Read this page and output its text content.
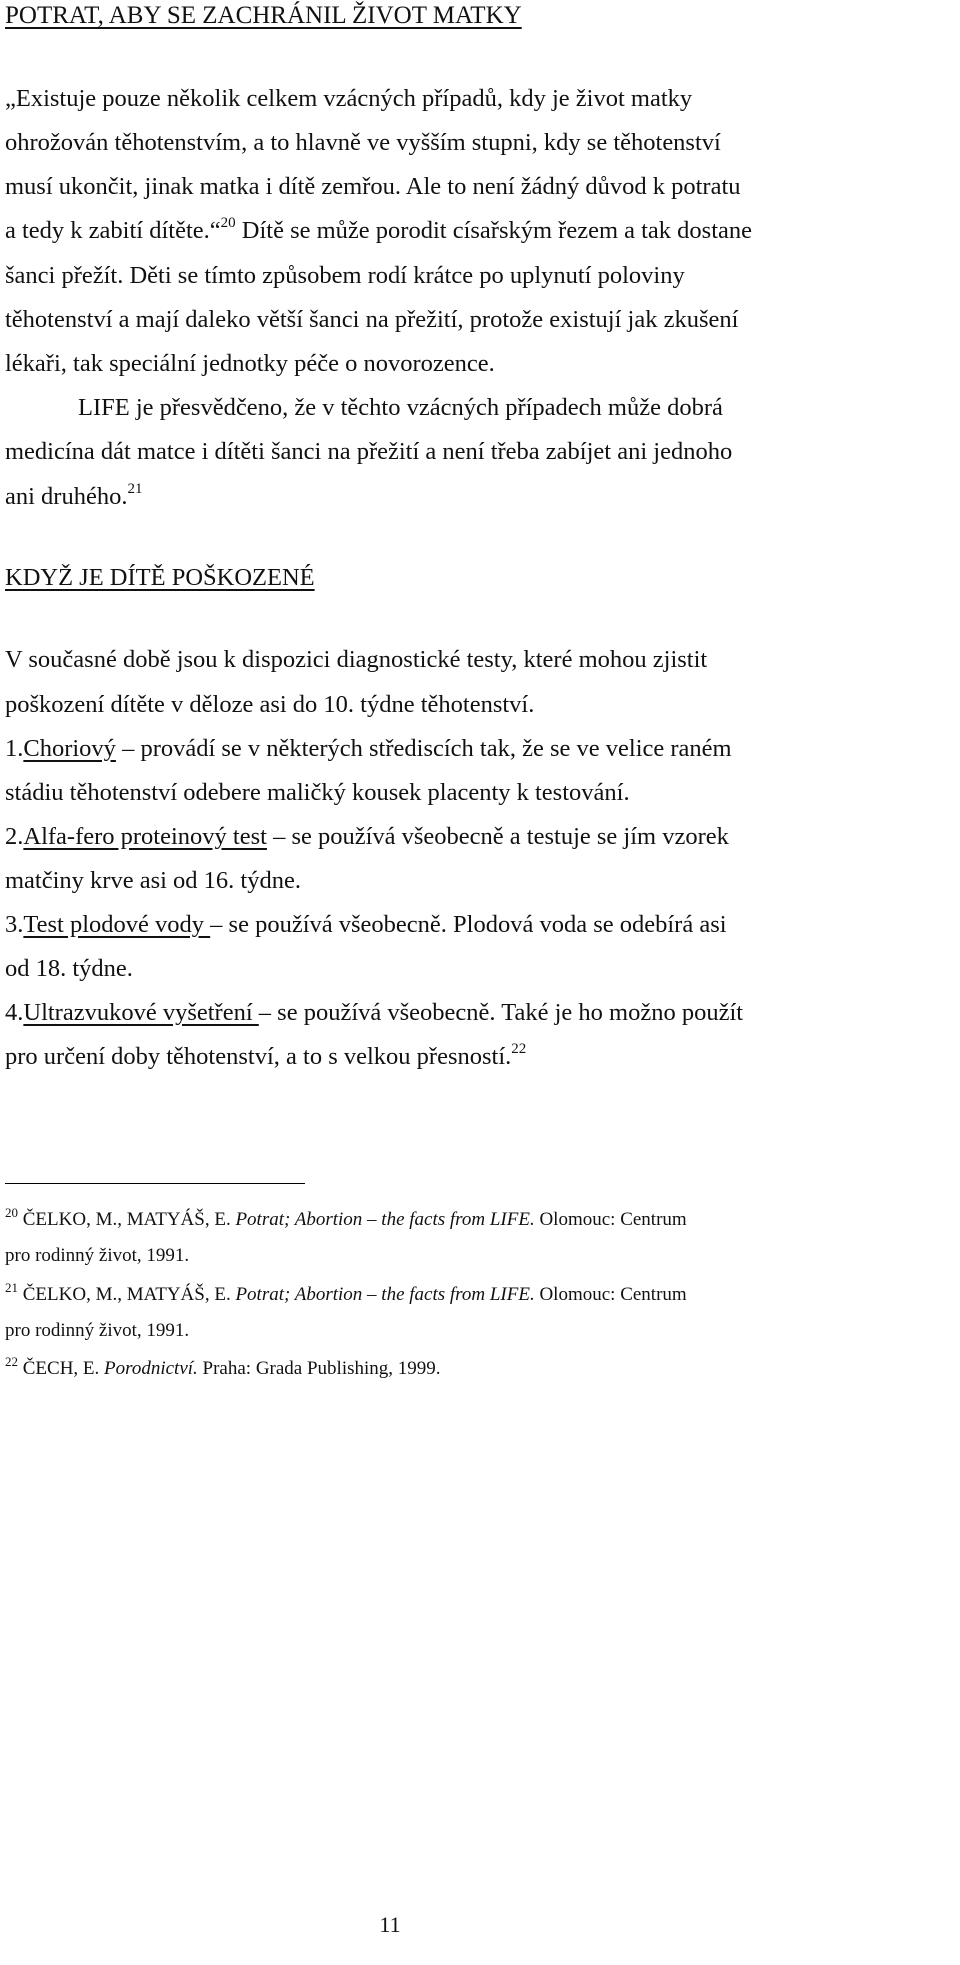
POTRAT, ABY SE ZACHRÁNIL ŽIVOT MATKY

„Existuje pouze několik celkem vzácných případů, kdy je život matky

ohrožován těhotenstvím, a to hlavně ve vyšším stupni, kdy se těhotenství

musí ukončit, jinak matka i dítě zemřou. Ale to není žádný důvod k potratu

a tedy k zabití dítěte.“$^{20}$ Dítě se může porodit císařským řezem a tak dostane

šanci přežít. Děti se tímto způsobem rodí krátce po uplynutí poloviny

těhotenství a mají daleko větší šanci na přežití, protože existují jak zkušení

lékaři, tak speciální jednotky péče o novorozence.

LIFE je přesvědčeno, že v těchto vzácných případech může dobrá

medicína dát matce i dítěti šanci na přežití a není třeba zabíjet ani jednoho

ani druhého.$^{21}$

KDYŽ JE DÍTĚ POŠKOZENÉ

V současné době jsou k dispozici diagnostické testy, které mohou zjistit

poškození dítěte v děloze asi do 10. týdne těhotenství.

1.Choriový – provádí se v některých střediscích tak, že se ve velice raném

stádiu těhotenství odebere maličký kousek placenty k testování.

2.Alfa-fero proteinový test – se používá všeobecně a testuje se jím vzorek

matčiny krve asi od 16. týdne.

3.Test plodové vody – se používá všeobecně. Plodová voda se odebírá asi

od 18. týdne.

4.Ultrazvukové vyšetření – se používá všeobecně. Také je ho možno použít

pro určení doby těhotenství, a to s velkou přesností.$^{22}$

$^{20}$ ČELKO, M., MATYÁŠ, E. Potrat; Abortion – the facts from LIFE. Olomouc: Centrum

pro rodinný život, 1991.

$^{21}$ ČELKO, M., MATYÁŠ, E. Potrat; Abortion – the facts from LIFE. Olomouc: Centrum

pro rodinný život, 1991.

$^{22}$ ČECH, E. Porodnictví. Praha: Grada Publishing, 1999.

11
